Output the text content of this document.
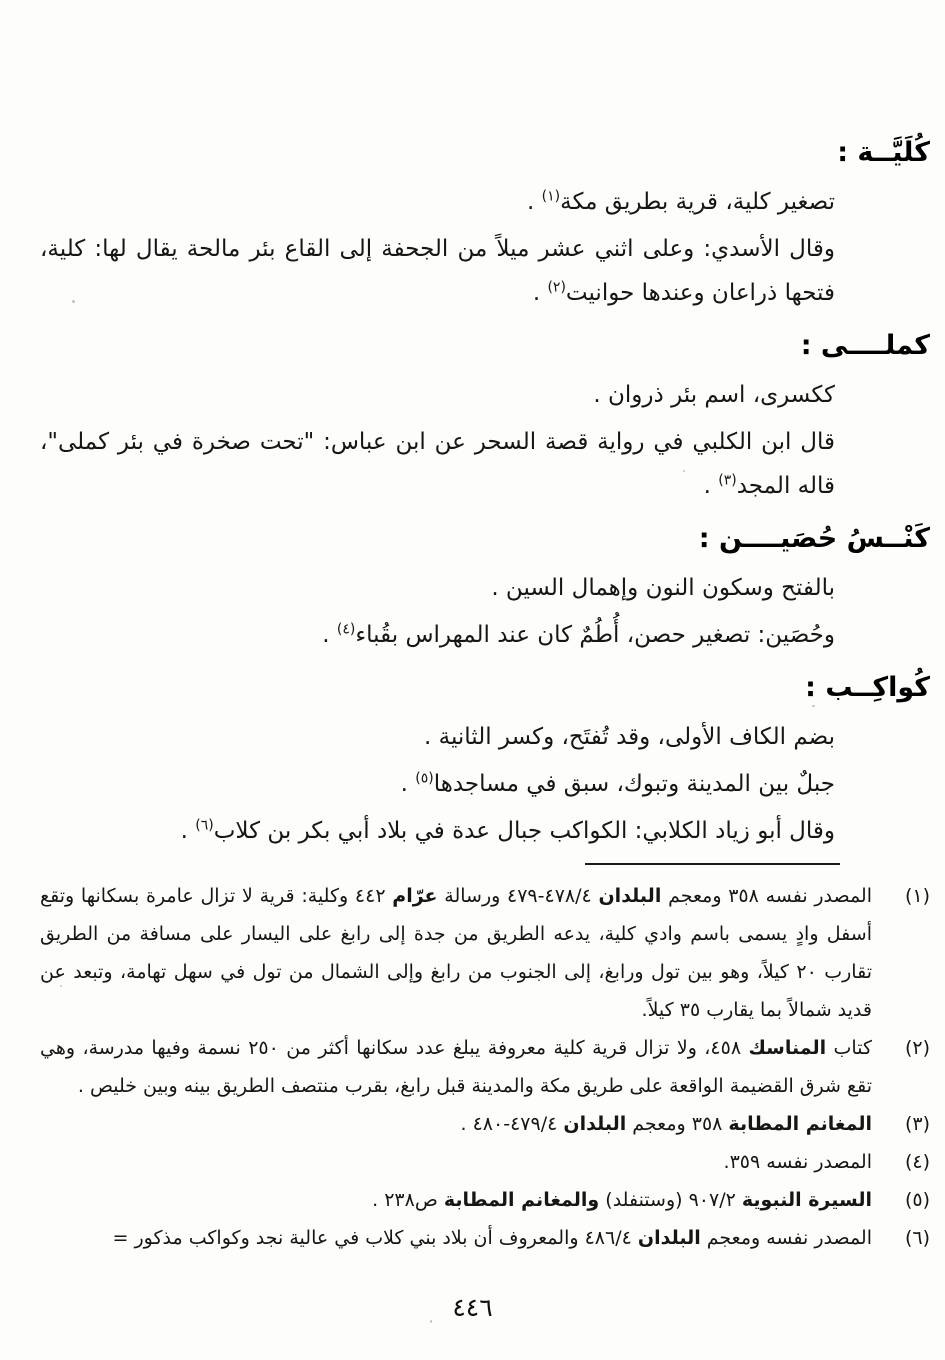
كُلَيَّــة :

تصغير كلية، قرية بطريق مكة$^{(١)}$ .

وقال الأسدي: وعلى اثني عشر ميلاً من الجحفة إلى القاع بئر مالحة يقال لها: كلية، فتحها ذراعان وعندها حوانيت$^{(٢)}$ .

كملــــى :

ككسرى، اسم بئر ذروان .

قال ابن الكلبي في رواية قصة السحر عن ابن عباس: "تحت صخرة في بئر كملى"، قاله المجد$^{(٣)}$ .

كَنْــسُ حُصَيــــن :

بالفتح وسكون النون وإهمال السين .

وحُصَين: تصغير حصن، أُطُمٌ كان عند المهراس بقُباء$^{(٤)}$ .

كُواكِــب :

بضم الكاف الأولى، وقد تُفتَح، وكسر الثانية .

جبلٌ بين المدينة وتبوك، سبق في مساجدها$^{(٥)}$ .

وقال أبو زياد الكلابي: الكواكب جبال عدة في بلاد أبي بكر بن كلاب$^{(٦)}$ .

(١)
المصدر نفسه ٣٥٨ ومعجم البلدان ٤٧٨/٤-٤٧٩ ورسالة عرّام ٤٤٢ وكلية: قرية لا تزال عامرة بسكانها وتقع أسفل وادٍ يسمى باسم وادي كلية، يدعه الطريق من جدة إلى رابغ على اليسار على مسافة من الطريق تقارب ٢٠ كيلاً، وهو بين تول ورابغ، إلى الجنوب من رابغ وإلى الشمال من تول في سهل تهامة، وتبعد عن قديد شمالاً بما يقارب ٣٥ كيلاً.
(٢)
كتاب المناسك ٤٥٨، ولا تزال قرية كلية معروفة يبلغ عدد سكانها أكثر من ٢٥٠ نسمة وفيها مدرسة، وهي تقع شرق القضيمة الواقعة على طريق مكة والمدينة قبل رابغ، بقرب منتصف الطريق بينه وبين خليص .
(٣)
المغانم المطابة ٣٥٨ ومعجم البلدان ٤٧٩/٤-٤٨٠ .
(٤)
المصدر نفسه ٣٥٩.
(٥)
السيرة النبوية ٩٠٧/٢ (وستنفلد) والمغانم المطابة ص٢٣٨ .
(٦)
المصدر نفسه ومعجم البلدان ٤٨٦/٤ والمعروف أن بلاد بني كلاب في عالية نجد وكواكب مذكور =
٤٤٦
